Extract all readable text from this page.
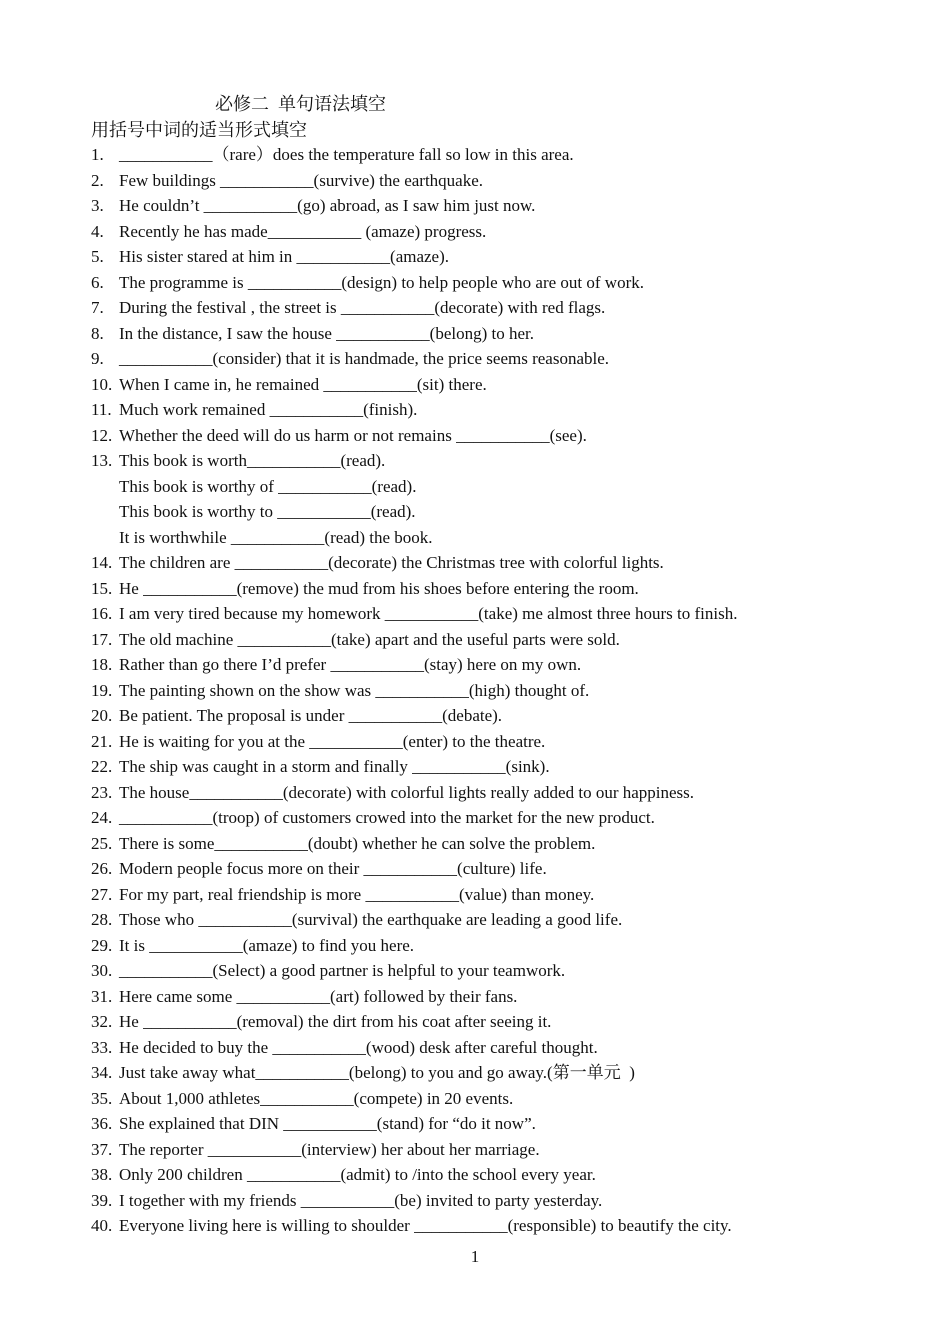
必修二  单句语法填空
用括号中词的适当形式填空
1. ___________（rare）does the temperature fall so low in this area.
2. Few buildings ___________(survive) the earthquake.
3. He couldn’t ___________(go) abroad, as I saw him just now.
4. Recently he has made___________ (amaze) progress.
5. His sister stared at him in ___________(amaze).
6. The programme is ___________(design) to help people who are out of work.
7. During the festival , the street is ___________(decorate) with red flags.
8. In the distance, I saw the house ___________(belong) to her.
9. ___________(consider) that it is handmade, the price seems reasonable.
10. When I came in, he remained ___________(sit) there.
11. Much work remained ___________(finish).
12. Whether the deed will do us harm or not remains ___________(see).
13. This book is worth___________(read).
This book is worthy of ___________(read).
This book is worthy to ___________(read).
It is worthwhile ___________(read) the book.
14. The children are ___________(decorate) the Christmas tree with colorful lights.
15. He ___________(remove) the mud from his shoes before entering the room.
16. I am very tired because my homework ___________(take) me almost three hours to finish.
17. The old machine ___________(take) apart and the useful parts were sold.
18. Rather than go there I’d prefer ___________(stay) here on my own.
19. The painting shown on the show was ___________(high) thought of.
20. Be patient. The proposal is under ___________(debate).
21. He is waiting for you at the ___________(enter) to the theatre.
22. The ship was caught in a storm and finally ___________(sink).
23. The house___________(decorate) with colorful lights really added to our happiness.
24. ___________(troop) of customers crowed into the market for the new product.
25. There is some___________(doubt) whether he can solve the problem.
26. Modern people focus more on their ___________(culture) life.
27. For my part, real friendship is more ___________(value) than money.
28. Those who ___________(survival) the earthquake are leading a good life.
29. It is ___________(amaze) to find you here.
30. ___________(Select) a good partner is helpful to your teamwork.
31. Here came some ___________(art) followed by their fans.
32. He ___________(removal) the dirt from his coat after seeing it.
33. He decided to buy the ___________(wood) desk after careful thought.
34. Just take away what___________(belong) to you and go away.(第一单元  )
35. About 1,000 athletes___________(compete) in 20 events.
36. She explained that DIN ___________(stand) for “do it now”.
37. The reporter ___________(interview) her about her marriage.
38. Only 200 children ___________(admit) to /into the school every year.
39. I together with my friends ___________(be) invited to party yesterday.
40. Everyone living here is willing to shoulder ___________(responsible) to beautify the city.
1
